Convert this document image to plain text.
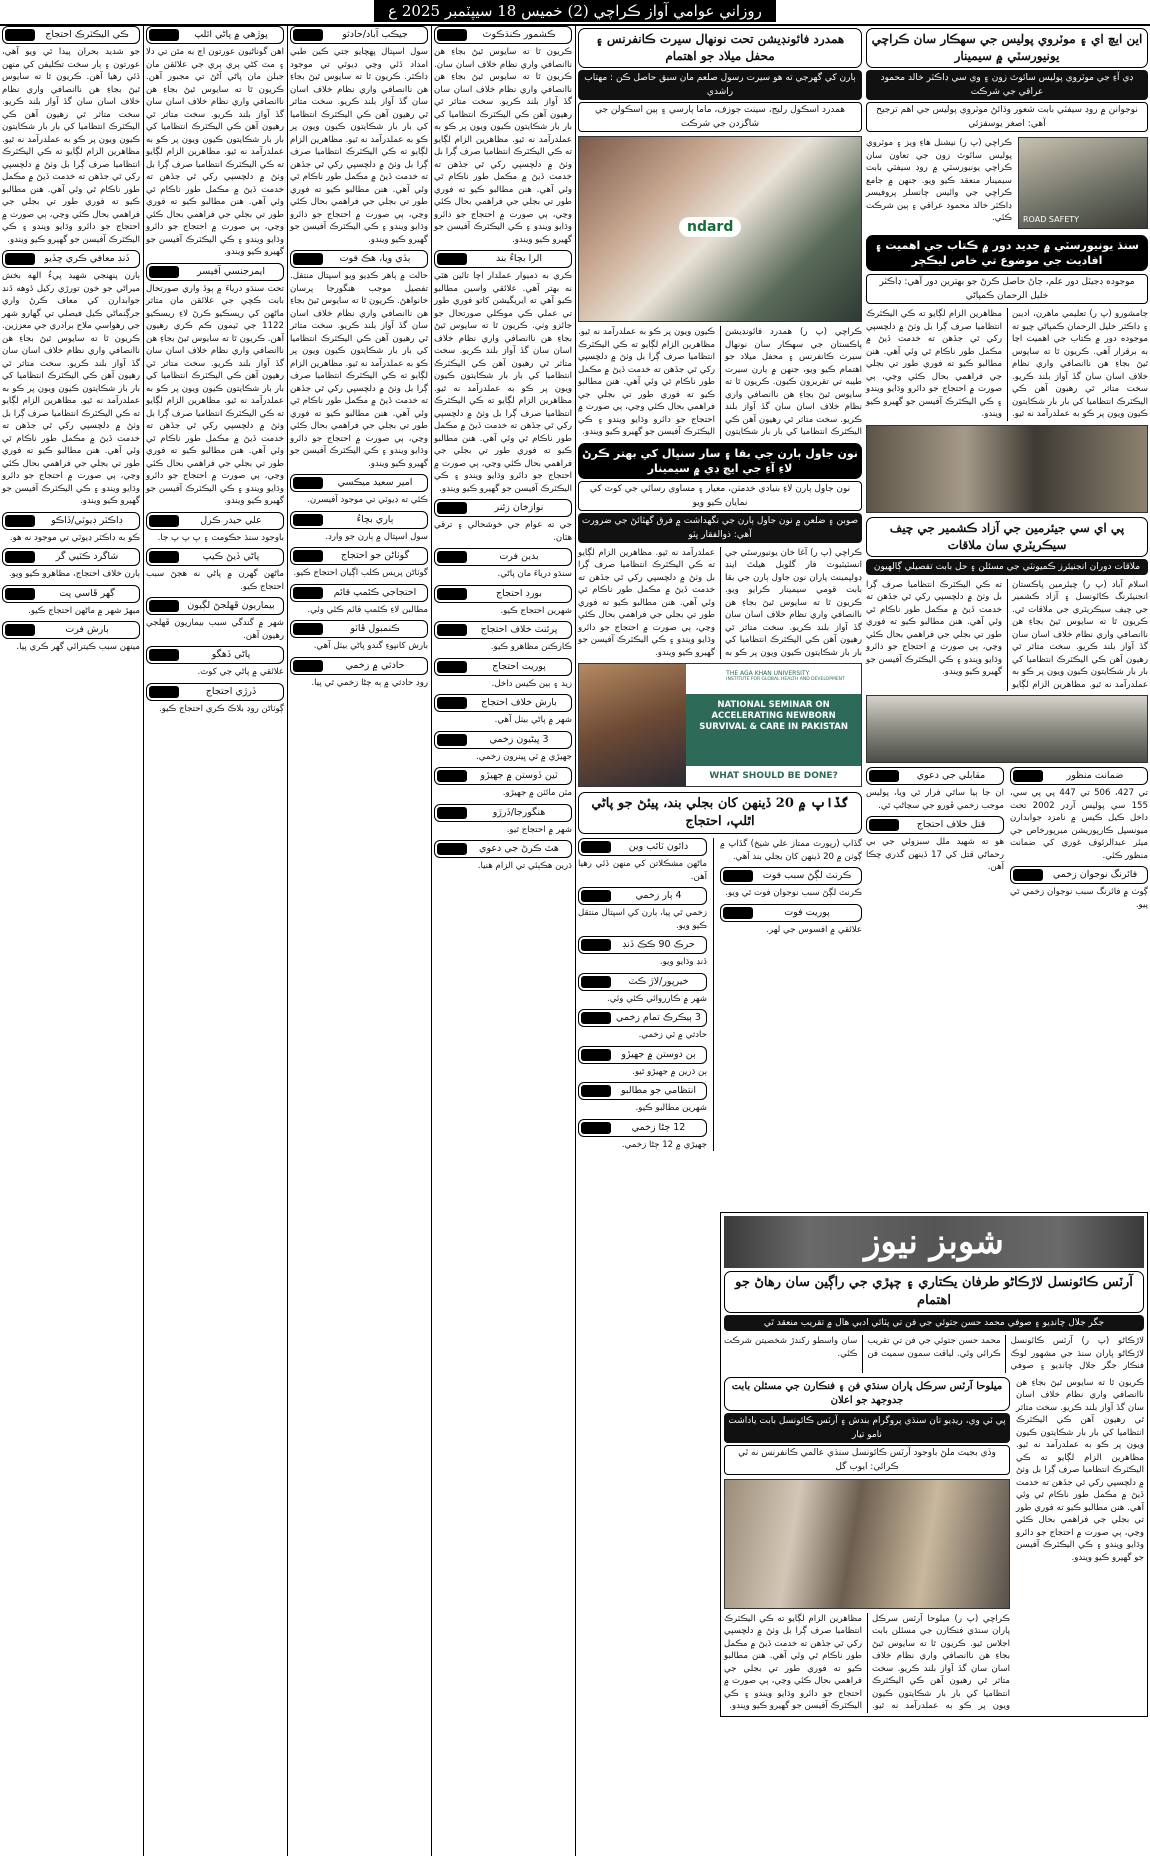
روزاني عوامي آواز ڪراچي (2) خميس 18 سيپٽمبر 2025 ع
ڪي اليڪٽرڪ احتجاج
جو شديد بحران پيدا ٿي ويو آهي، عورتون ۽ ٻار سخت تڪليفن کي منهن ڏئي رهيا آهن. ڪريون ٿا ته سايوس ٿيڻ بجاءِ هن ناانصافي واري نظام خلاف اسان سان گڏ آواز بلند ڪريو. سخت متاثر ٿي رهيون آهن ڪي اليڪٽرڪ انتظاميا کي بار بار شڪايتون ڪيون ويون پر ڪو به عملدرآمد نه ٿيو. مظاهرين الزام لڳايو ته ڪي اليڪٽرڪ انتظاميا صرف ڳرا بل وٺڻ ۾ دلچسپي رکي ٿي جڏهن ته خدمت ڏيڻ ۾ مڪمل طور ناڪام ٿي وئي آهي. هنن مطالبو ڪيو ته فوري طور تي بجلي جي فراهمي بحال ڪئي وڃي، ٻي صورت ۾ احتجاج جو دائرو وڌايو ويندو ۽ ڪي اليڪٽرڪ آفيسن جو گهيرو ڪيو ويندو.
ڏنڊ معافي ڪري ڇڏيو
ٻارن پنهنجي شهيد پيءُ الهه بخش ميراڻي جو خون تورڙي رکيل ڏوهه ڏنڊ جوابدارن کي معاف ڪرڻ واري جرڳنماڻي ڪيل فيصلي تي گهارو شهر جي رهواسي ملاح برادري جي معززين. ڪريون ٿا ته سايوس ٿيڻ بجاءِ هن ناانصافي واري نظام خلاف اسان سان گڏ آواز بلند ڪريو. سخت متاثر ٿي رهيون آهن ڪي اليڪٽرڪ انتظاميا کي بار بار شڪايتون ڪيون ويون پر ڪو به عملدرآمد نه ٿيو. مظاهرين الزام لڳايو ته ڪي اليڪٽرڪ انتظاميا صرف ڳرا بل وٺڻ ۾ دلچسپي رکي ٿي جڏهن ته خدمت ڏيڻ ۾ مڪمل طور ناڪام ٿي وئي آهي. هنن مطالبو ڪيو ته فوري طور تي بجلي جي فراهمي بحال ڪئي وڃي، ٻي صورت ۾ احتجاج جو دائرو وڌايو ويندو ۽ ڪي اليڪٽرڪ آفيسن جو گهيرو ڪيو ويندو.
ڊاڪٽر ڊيوٽي/ڏاڪو
ڪو به ڊاڪٽر ڊيوٽي تي موجود نه هو.
شاگرد ڪٽيي گر
ٻارن خلاف احتجاج، مظاهرو ڪيو ويو.
گهر ڦاسي پت
ميهڙ شهر ۾ ماڻهن احتجاج ڪيو.
بارش فرت
مينهن سبب ڪيترائي گهر ڪري پيا.
پوڙهي ۾ پاڻي اٿلپ
اهن گوناڻيون عورتون اڄ به مٿن تي دلا ۽ مٽ کڻي ٻري ٻري جي علائقن مان جبلن مان پاڻي آڻڻ تي مجبور آهن. ڪريون ٿا ته سايوس ٿيڻ بجاءِ هن ناانصافي واري نظام خلاف اسان سان گڏ آواز بلند ڪريو. سخت متاثر ٿي رهيون آهن ڪي اليڪٽرڪ انتظاميا کي بار بار شڪايتون ڪيون ويون پر ڪو به عملدرآمد نه ٿيو. مظاهرين الزام لڳايو ته ڪي اليڪٽرڪ انتظاميا صرف ڳرا بل وٺڻ ۾ دلچسپي رکي ٿي جڏهن ته خدمت ڏيڻ ۾ مڪمل طور ناڪام ٿي وئي آهي. هنن مطالبو ڪيو ته فوري طور تي بجلي جي فراهمي بحال ڪئي وڃي، ٻي صورت ۾ احتجاج جو دائرو وڌايو ويندو ۽ ڪي اليڪٽرڪ آفيسن جو گهيرو ڪيو ويندو.
ايمرجنسي آفيسر
تحت سنڌو درياءَ ۾ ٻوڏ واري صورتحال بابت ڪچي جي علائقن مان متاثر ماڻهن کي ريسڪيو ڪرڻ لاءِ ريسڪيو 1122 جي ٽيمون ڪم ڪري رهيون آهن. ڪريون ٿا ته سايوس ٿيڻ بجاءِ هن ناانصافي واري نظام خلاف اسان سان گڏ آواز بلند ڪريو. سخت متاثر ٿي رهيون آهن ڪي اليڪٽرڪ انتظاميا کي بار بار شڪايتون ڪيون ويون پر ڪو به عملدرآمد نه ٿيو. مظاهرين الزام لڳايو ته ڪي اليڪٽرڪ انتظاميا صرف ڳرا بل وٺڻ ۾ دلچسپي رکي ٿي جڏهن ته خدمت ڏيڻ ۾ مڪمل طور ناڪام ٿي وئي آهي. هنن مطالبو ڪيو ته فوري طور تي بجلي جي فراهمي بحال ڪئي وڃي، ٻي صورت ۾ احتجاج جو دائرو وڌايو ويندو ۽ ڪي اليڪٽرڪ آفيسن جو گهيرو ڪيو ويندو.
علي حيدر ڪرل
باوجود سنڌ حڪومت ۽ پ پ پ جا.
پاڻي ڏيڻ ڪيپ
ماڻهن گهرن ۾ پاڻي نه هجڻ سبب احتجاج ڪيو.
بيماريون ڦهلجڻ لڳيون
شهر ۾ گندگي سبب بيماريون ڦهلجي رهيون آهن.
پاڻي ڏهگو
علائقي ۾ پاڻي جي کوٽ.
ڏرڙي احتجاج
ڳوٺاڻن روڊ بلاڪ ڪري احتجاج ڪيو.
جيڪب آباد/حادثو
سول اسپتال پهچايو جتي ڪين طبي امداد ڏئي وڃي ڊيوٽي تي موجود ڊاڪٽر. ڪريون ٿا ته سايوس ٿيڻ بجاءِ هن ناانصافي واري نظام خلاف اسان سان گڏ آواز بلند ڪريو. سخت متاثر ٿي رهيون آهن ڪي اليڪٽرڪ انتظاميا کي بار بار شڪايتون ڪيون ويون پر ڪو به عملدرآمد نه ٿيو. مظاهرين الزام لڳايو ته ڪي اليڪٽرڪ انتظاميا صرف ڳرا بل وٺڻ ۾ دلچسپي رکي ٿي جڏهن ته خدمت ڏيڻ ۾ مڪمل طور ناڪام ٿي وئي آهي. هنن مطالبو ڪيو ته فوري طور تي بجلي جي فراهمي بحال ڪئي وڃي، ٻي صورت ۾ احتجاج جو دائرو وڌايو ويندو ۽ ڪي اليڪٽرڪ آفيسن جو گهيرو ڪيو ويندو.
ٻڏي ويا، هڪ فوت
حالت ۾ ٻاهر ڪڍيو ويو اسپتال منتقل. تفصيل موجب هنگورجا پرسان خانواهڻ. ڪريون ٿا ته سايوس ٿيڻ بجاءِ هن ناانصافي واري نظام خلاف اسان سان گڏ آواز بلند ڪريو. سخت متاثر ٿي رهيون آهن ڪي اليڪٽرڪ انتظاميا کي بار بار شڪايتون ڪيون ويون پر ڪو به عملدرآمد نه ٿيو. مظاهرين الزام لڳايو ته ڪي اليڪٽرڪ انتظاميا صرف ڳرا بل وٺڻ ۾ دلچسپي رکي ٿي جڏهن ته خدمت ڏيڻ ۾ مڪمل طور ناڪام ٿي وئي آهي. هنن مطالبو ڪيو ته فوري طور تي بجلي جي فراهمي بحال ڪئي وڃي، ٻي صورت ۾ احتجاج جو دائرو وڌايو ويندو ۽ ڪي اليڪٽرڪ آفيسن جو گهيرو ڪيو ويندو.
امير سعيد ميڪسي
ڪئي ته ڊيوٽي تي موجود آفيسرن.
ٻاري بچاءُ
سول اسپتال ۾ ٻارن جو وارڊ.
گوٺاڻن جو احتجاج
گوٺاڻن پريس ڪلب اڳيان احتجاج ڪيو.
احتجاجي ڪئمپ قائم
مطالبن لاءِ ڪئمپ قائم ڪئي وئي.
ڪنمبول ڦاٽو
بارش کانپوءِ گندو پاڻي بيٺل آهي.
حادثي ۾ زخمي
روڊ حادثي ۾ ٻه ڄڻا زخمي ٿي پيا.
ڪشمور ڪنڌڪوٽ
ڪريون ٿا ته سايوس ٿيڻ بجاءِ هن ناانصافي واري نظام خلاف اسان سان. ڪريون ٿا ته سايوس ٿيڻ بجاءِ هن ناانصافي واري نظام خلاف اسان سان گڏ آواز بلند ڪريو. سخت متاثر ٿي رهيون آهن ڪي اليڪٽرڪ انتظاميا کي بار بار شڪايتون ڪيون ويون پر ڪو به عملدرآمد نه ٿيو. مظاهرين الزام لڳايو ته ڪي اليڪٽرڪ انتظاميا صرف ڳرا بل وٺڻ ۾ دلچسپي رکي ٿي جڏهن ته خدمت ڏيڻ ۾ مڪمل طور ناڪام ٿي وئي آهي. هنن مطالبو ڪيو ته فوري طور تي بجلي جي فراهمي بحال ڪئي وڃي، ٻي صورت ۾ احتجاج جو دائرو وڌايو ويندو ۽ ڪي اليڪٽرڪ آفيسن جو گهيرو ڪيو ويندو.
الرا بچاءُ بند
ڪري به ذميوار عملدار اچا تائين هٽي نه بهتر آهي. علائقي واسين مطالبو ڪيو آهي ته ايريگيشن کاتو فوري طور تي عملي ڪي موڪلي صورتحال جو جائزو وٺي. ڪريون ٿا ته سايوس ٿيڻ بجاءِ هن ناانصافي واري نظام خلاف اسان سان گڏ آواز بلند ڪريو. سخت متاثر ٿي رهيون آهن ڪي اليڪٽرڪ انتظاميا کي بار بار شڪايتون ڪيون ويون پر ڪو به عملدرآمد نه ٿيو. مظاهرين الزام لڳايو ته ڪي اليڪٽرڪ انتظاميا صرف ڳرا بل وٺڻ ۾ دلچسپي رکي ٿي جڏهن ته خدمت ڏيڻ ۾ مڪمل طور ناڪام ٿي وئي آهي. هنن مطالبو ڪيو ته فوري طور تي بجلي جي فراهمي بحال ڪئي وڃي، ٻي صورت ۾ احتجاج جو دائرو وڌايو ويندو ۽ ڪي اليڪٽرڪ آفيسن جو گهيرو ڪيو ويندو.
نوازخان زئنر
جي ته عوام جي خوشحالي ۽ ترقي هٽان.
بدين فرت
سنڌو درياءَ مان پاڻي.
بورڊ احتجاج
شهرين احتجاج ڪيو.
پرئنٽ خلاف احتجاج
ڪارڪنن مظاهرو ڪيو.
پوريت احتجاج
زيد ۽ ٻين ڪيس داخل.
بارش خلاف احتجاج
شهر ۾ پاڻي بيٺل آهي.
3 ڀيڻيون زخمي
جهيڙي ۾ ٽي ڀينرون زخمي.
ٽين ڏوستن ۾ جهيڙو
مٽن مائٽن ۾ جهيڙو.
هنگورجا/ڏرڙو
شهر ۾ احتجاج ٿيو.
هٿ ڪرڻ جي دعوي
ڌرين هڪٻئي تي الزام هنيا.
اين ايچ اي ۽ موٽروي پوليس جي سهڪار سان ڪراچي يونيورسٽي ۾ سيمينار
ڊي آءِ جي موٽروي پوليس سائوٿ زون ۽ وي سي ڊاڪٽر خالد محمود عراقي جي شرڪت
نوجوانن ۾ روڊ سيفٽي بابت شعور وڌائڻ موٽروي پوليس جي اهم ترجيح آهي: اصغر يوسفزئي
ROAD SAFETY
ڪراچي (پ ر) نيشنل هاءِ ويز ۽ موٽروي پوليس سائوٿ زون جي تعاون سان ڪراچي يونيورسٽي ۾ روڊ سيفٽي بابت سيمينار منعقد ڪيو ويو. جنهن ۾ جامع ڪراچي جي وائيس چانسلر پروفيسر ڊاڪٽر خالد محمود عراقي ۽ ٻين شرڪت ڪئي.
سنڌ يونيورسٽي ۾ جديد دور ۾ ڪتاب جي اهميت ۽ افاديت جي موضوع تي خاص ليڪچر
موجوده ڊجيٽل دور علم، ڄاڻ حاصل ڪرڻ جو بهترين دور آهي: ڊاڪٽر خليل الرحمان ڪمپاڻي
ڄامشورو (پ ر) تعليمي ماهرن، اديبن ۽ ڊاڪٽر خليل الرحمان ڪمپاڻي چيو ته موجوده دور ۾ ڪتاب جي اهميت اڃا به برقرار آهي. ڪريون ٿا ته سايوس ٿيڻ بجاءِ هن ناانصافي واري نظام خلاف اسان سان گڏ آواز بلند ڪريو. سخت متاثر ٿي رهيون آهن ڪي اليڪٽرڪ انتظاميا کي بار بار شڪايتون ڪيون ويون پر ڪو به عملدرآمد نه ٿيو. مظاهرين الزام لڳايو ته ڪي اليڪٽرڪ انتظاميا صرف ڳرا بل وٺڻ ۾ دلچسپي رکي ٿي جڏهن ته خدمت ڏيڻ ۾ مڪمل طور ناڪام ٿي وئي آهي. هنن مطالبو ڪيو ته فوري طور تي بجلي جي فراهمي بحال ڪئي وڃي، ٻي صورت ۾ احتجاج جو دائرو وڌايو ويندو ۽ ڪي اليڪٽرڪ آفيسن جو گهيرو ڪيو ويندو.
پي اي سي جيئرمين جي آزاد ڪشمير جي چيف سيڪريٽري سان ملاقات
ملاقات دوران انجنيئرز ڪميونٽي جي مسئلن ۽ حل بابت تفصيلي ڳالهيون
اسلام آباد (پ ر) چيئرمين پاڪستان انجنيئرنگ ڪائونسل ۽ آزاد ڪشمير جي چيف سيڪريٽري جي ملاقات ٿي. ڪريون ٿا ته سايوس ٿيڻ بجاءِ هن ناانصافي واري نظام خلاف اسان سان گڏ آواز بلند ڪريو. سخت متاثر ٿي رهيون آهن ڪي اليڪٽرڪ انتظاميا کي بار بار شڪايتون ڪيون ويون پر ڪو به عملدرآمد نه ٿيو. مظاهرين الزام لڳايو ته ڪي اليڪٽرڪ انتظاميا صرف ڳرا بل وٺڻ ۾ دلچسپي رکي ٿي جڏهن ته خدمت ڏيڻ ۾ مڪمل طور ناڪام ٿي وئي آهي. هنن مطالبو ڪيو ته فوري طور تي بجلي جي فراهمي بحال ڪئي وڃي، ٻي صورت ۾ احتجاج جو دائرو وڌايو ويندو ۽ ڪي اليڪٽرڪ آفيسن جو گهيرو ڪيو ويندو.
ضمانت منظور
تي 427، 506 تي 447 پي پي سي، 155 سي پوليس آرڊر 2002 تحت داخل ڪيل ڪيس ۾ نامزد جوابدارن ميونسپل ڪارپوريشن ميرپورخاص جي ميئر عبدالرئوف غوري کي ضمانت منظور ڪئي.
فائرنگ نوجوان زخمي
ڳوٺ ۾ فائرنگ سبب نوجوان زخمي ٿي پيو.
مقابلي جي دعوي
ان جا ٻيا ساٿي فرار ٿي ويا، پوليس موجب زخمي ڦورو جي سڃاڻپ ٿي.
قتل خلاف احتجاج
هو ته شهيد ملل سبزوئي جي بي رحماڻي قتل کي 17 ڏينهن گذري چڪا آهن.
همدرد فائونڊيشن تحت نونهال سيرت ڪانفرنس ۽ محفل ميلاد جو اهتمام
ٻارن کي گهرجي ته هو سيرت رسول صلعم مان سبق حاصل ڪن : مهتاب راشدي
همدرد اسڪول رليج، سينٽ جوزف، ماما پارسي ۽ ٻين اسڪولن جي شاگردن جي شرڪت
ndard
ڪراچي (پ ر) همدرد فائونڊيشن پاڪستان جي سهڪار سان نونهال سيرت ڪانفرنس ۽ محفل ميلاد جو اهتمام ڪيو ويو، جنهن ۾ ٻارن سيرت طيبه تي تقريرون ڪيون. ڪريون ٿا ته سايوس ٿيڻ بجاءِ هن ناانصافي واري نظام خلاف اسان سان گڏ آواز بلند ڪريو. سخت متاثر ٿي رهيون آهن ڪي اليڪٽرڪ انتظاميا کي بار بار شڪايتون ڪيون ويون پر ڪو به عملدرآمد نه ٿيو. مظاهرين الزام لڳايو ته ڪي اليڪٽرڪ انتظاميا صرف ڳرا بل وٺڻ ۾ دلچسپي رکي ٿي جڏهن ته خدمت ڏيڻ ۾ مڪمل طور ناڪام ٿي وئي آهي. هنن مطالبو ڪيو ته فوري طور تي بجلي جي فراهمي بحال ڪئي وڃي، ٻي صورت ۾ احتجاج جو دائرو وڌايو ويندو ۽ ڪي اليڪٽرڪ آفيسن جو گهيرو ڪيو ويندو.
نون جاول ٻارن جي بقا ۽ سار سنڀال کي بهتر ڪرڻ لاءِ آءِ جي ايڇ ڊي ۾ سيمينار
نون جاول ٻارن لاءِ بنيادي خدمتن، معيار ۽ مساوي رسائي جي کوٽ کي نمايان ڪيو ويو
صوبن ۽ ضلعن ۾ نون جاول ٻارن جي نگهداشت ۾ فرق گهٽائڻ جي ضرورت آهي: ذوالفقار ڀٽو
ڪراچي (پ ر) آغا خان يونيورسٽي جي انسٽيٽيوٽ فار گلوبل هيلٿ اينڊ ڊولپمينٽ پاران نون جاول ٻارن جي بقا بابت قومي سيمينار ڪرايو ويو. ڪريون ٿا ته سايوس ٿيڻ بجاءِ هن ناانصافي واري نظام خلاف اسان سان گڏ آواز بلند ڪريو. سخت متاثر ٿي رهيون آهن ڪي اليڪٽرڪ انتظاميا کي بار بار شڪايتون ڪيون ويون پر ڪو به عملدرآمد نه ٿيو. مظاهرين الزام لڳايو ته ڪي اليڪٽرڪ انتظاميا صرف ڳرا بل وٺڻ ۾ دلچسپي رکي ٿي جڏهن ته خدمت ڏيڻ ۾ مڪمل طور ناڪام ٿي وئي آهي. هنن مطالبو ڪيو ته فوري طور تي بجلي جي فراهمي بحال ڪئي وڃي، ٻي صورت ۾ احتجاج جو دائرو وڌايو ويندو ۽ ڪي اليڪٽرڪ آفيسن جو گهيرو ڪيو ويندو.
THE AGA KHAN UNIVERSITY
INSTITUTE FOR GLOBAL HEALTH AND DEVELOPMENT
NATIONAL SEMINAR ON ACCELERATING NEWBORN SURVIVAL & CARE IN PAKISTAN
WHAT SHOULD BE DONE?
گڏاپ ۾ 20 ڏينهن کان بجلي بند، پيئڻ جو پاڻي اٿلپ، احتجاج
گڏاپ (رپورٽ ممتاز علي شيخ) گڏاپ ۾ ڳوٺن ۾ 20 ڏينهن کان بجلي بند آهي.
ڪرنٽ لڳڻ سبب فوت
ڪرنٽ لڳڻ سبب نوجوان فوت ٿي ويو.
پوريت فوت
علائقي ۾ افسوس جي لهر.
دائون ٽائب وين
ماڻهن مشڪلاتن کي منهن ڏئي رهيا آهن.
4 ٻار زخمي
زخمي ٿي پيا، ٻارن کي اسپتال منتقل ڪيو ويو.
حرڪ 90 ڪڪ ڏنڊ
ڏنڊ وڌايو ويو.
خيرپور/لاڙ ڪٽ
شهر ۾ ڪارروائي ڪئي وئي.
3 ٻيڪرڪ تمام زخمي
حادثي ۾ ٽي زخمي.
ٻن دوستن ۾ جهيڙو
ٻن ڌرين ۾ جهيڙو ٿيو.
انتظامي جو مطالبو
شهرين مطالبو ڪيو.
12 ڄڻا زخمي
جهيڙي ۾ 12 ڄڻا زخمي.
شوبز نيوز
آرٽس ڪائونسل لاڙڪاڻو طرفان يڪتاري ۽ چپڙي جي راڳين سان رهاڻ جو اهتمام
جگر جلال چانڊيو ۽ صوفي محمد حسن جتوئي جي فن تي پٽائي ادبي هال ۾ تقريب منعقد ٿي
لاڙڪاڻو (پ ر) آرٽس ڪائونسل لاڙڪاڻو پاران سنڌ جي مشهور لوڪ فنڪار جگر جلال چانڊيو ۽ صوفي محمد حسن جتوئي جي فن تي تقريب ڪرائي وئي. لياقت سمون سميت فن سان واسطو رکندڙ شخصيتن شرڪت ڪئي.
ڪريون ٿا ته سايوس ٿيڻ بجاءِ هن ناانصافي واري نظام خلاف اسان سان گڏ آواز بلند ڪريو. سخت متاثر ٿي رهيون آهن ڪي اليڪٽرڪ انتظاميا کي بار بار شڪايتون ڪيون ويون پر ڪو به عملدرآمد نه ٿيو. مظاهرين الزام لڳايو ته ڪي اليڪٽرڪ انتظاميا صرف ڳرا بل وٺڻ ۾ دلچسپي رکي ٿي جڏهن ته خدمت ڏيڻ ۾ مڪمل طور ناڪام ٿي وئي آهي. هنن مطالبو ڪيو ته فوري طور تي بجلي جي فراهمي بحال ڪئي وڃي، ٻي صورت ۾ احتجاج جو دائرو وڌايو ويندو ۽ ڪي اليڪٽرڪ آفيسن جو گهيرو ڪيو ويندو.
ميلوحا آرٽس سرڪل پاران سنڌي فن ۽ فنڪارن جي مسئلن بابت جدوجهد جو اعلان
پي ٽي وي، ريڊيو تان سنڌي پروگرام بندش ۽ آرٽس ڪائونسل بابت ياداشت نامو تيار
وڏي بجيٽ ملڻ باوجود آرٽس ڪائونسل سنڌي عالمي ڪانفرنس نه ٿي ڪرائي: ايوب گل
ڪراچي (پ ر) ميلوحا آرٽس سرڪل پاران سنڌي فنڪارن جي مسئلن بابت اجلاس ٿيو. ڪريون ٿا ته سايوس ٿيڻ بجاءِ هن ناانصافي واري نظام خلاف اسان سان گڏ آواز بلند ڪريو. سخت متاثر ٿي رهيون آهن ڪي اليڪٽرڪ انتظاميا کي بار بار شڪايتون ڪيون ويون پر ڪو به عملدرآمد نه ٿيو. مظاهرين الزام لڳايو ته ڪي اليڪٽرڪ انتظاميا صرف ڳرا بل وٺڻ ۾ دلچسپي رکي ٿي جڏهن ته خدمت ڏيڻ ۾ مڪمل طور ناڪام ٿي وئي آهي. هنن مطالبو ڪيو ته فوري طور تي بجلي جي فراهمي بحال ڪئي وڃي، ٻي صورت ۾ احتجاج جو دائرو وڌايو ويندو ۽ ڪي اليڪٽرڪ آفيسن جو گهيرو ڪيو ويندو.
